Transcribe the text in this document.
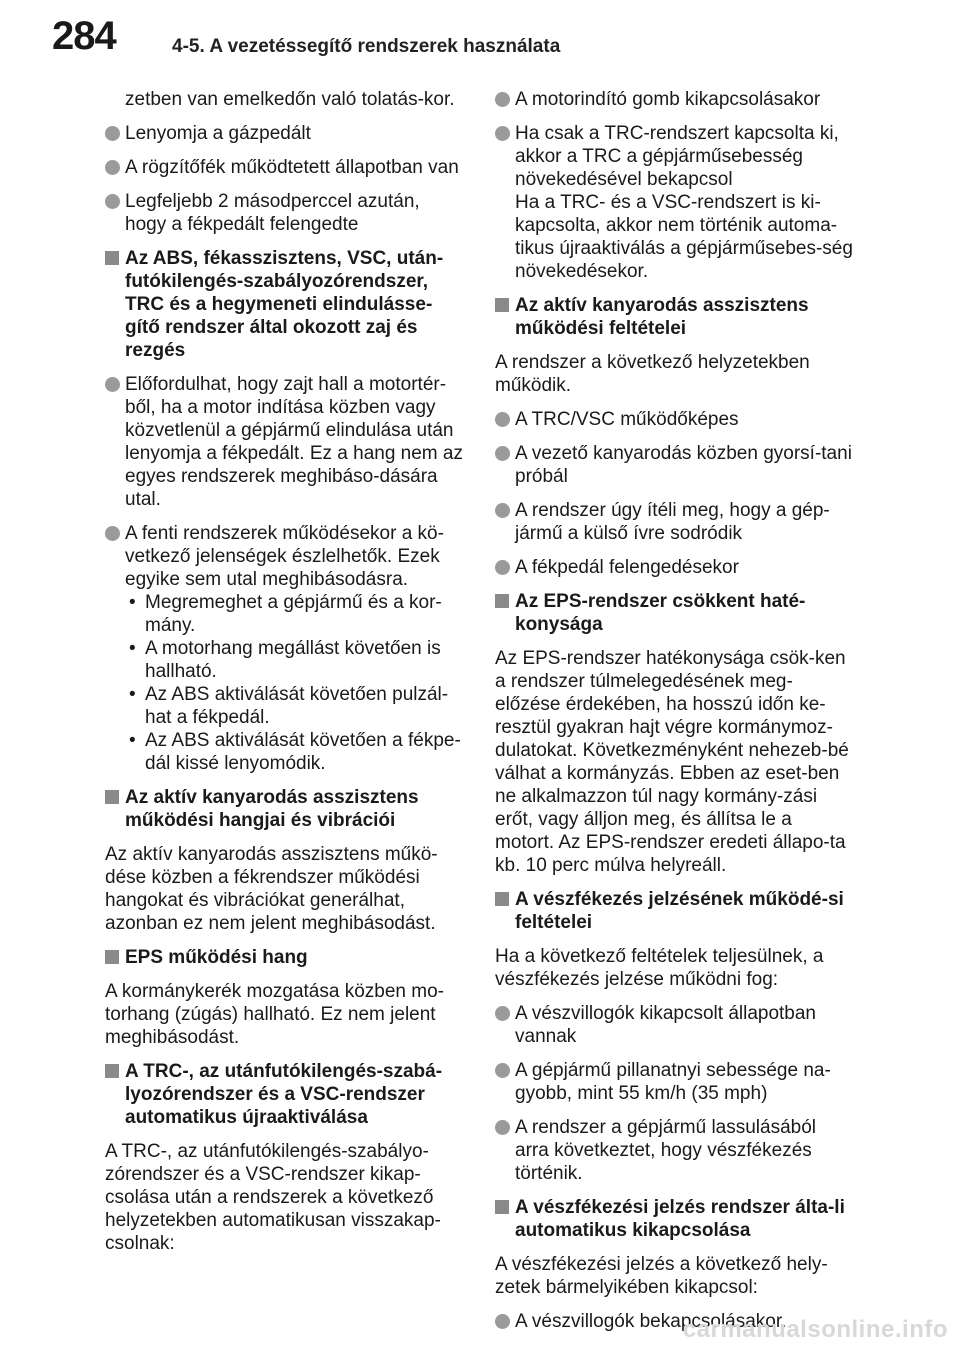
284	4-5. A vezetéssegítő rendszerek használata
zetben van emelkedőn való tolatás-kor.
Lenyomja a gázpedált
A rögzítőfék működtetett állapotban van
Legfeljebb 2 másodperccel azután, hogy a fékpedált felengedte
Az ABS, fékasszisztens, VSC, után-futókilengés-szabályozórendszer, TRC és a hegymeneti elindulásse-gítő rendszer által okozott zaj és rezgés
Előfordulhat, hogy zajt hall a motortér-ből, ha a motor indítása közben vagy közvetlenül a gépjármű elindulása után lenyomja a fékpedált. Ez a hang nem az egyes rendszerek meghibáso-dására utal.
A fenti rendszerek működésekor a kö-vetkező jelenségek észlelhetők. Ezek egyike sem utal meghibásodásra.
• Megremeghet a gépjármű és a kor-mány.
• A motorhang megállást követően is hallható.
• Az ABS aktiválását követően pulzál-hat a fékpedál.
• Az ABS aktiválását követően a fékpe-dál kissé lenyomódik.
Az aktív kanyarodás asszisztens működési hangjai és vibrációi
Az aktív kanyarodás asszisztens műkö-dése közben a fékrendszer működési hangokat és vibrációkat generálhat, azonban ez nem jelent meghibásodást.
EPS működési hang
A kormánykerék mozgatása közben mo-torhang (zúgás) hallható. Ez nem jelent meghibásodást.
A TRC-, az utánfutókilengés-szabá-lyozórendszer és a VSC-rendszer automatikus újraaktiválása
A TRC-, az utánfutókilengés-szabályo-zórendszer és a VSC-rendszer kikap-csolása után a rendszerek a következő helyzetekben automatikusan visszakap-csolnak:
A motorindító gomb kikapcsolásakor
Ha csak a TRC-rendszert kapcsolta ki, akkor a TRC a gépjárműsebesség növekedésével bekapcsol
Ha a TRC- és a VSC-rendszert is ki-kapcsolta, akkor nem történik automa-tikus újraaktiválás a gépjárműsebes-ség növekedésekor.
Az aktív kanyarodás asszisztens működési feltételei
A rendszer a következő helyzetekben működik.
A TRC/VSC működőképes
A vezető kanyarodás közben gyorsí-tani próbál
A rendszer úgy ítéli meg, hogy a gép-jármű a külső ívre sodródik
A fékpedál felengedésekor
Az EPS-rendszer csökkent haté-konysága
Az EPS-rendszer hatékonysága csök-ken a rendszer túlmelegedésének meg-előzése érdekében, ha hosszú időn ke-resztül gyakran hajt végre kormánymoz-dulatokat. Következményként nehezeb-bé válhat a kormányzás. Ebben az eset-ben ne alkalmazzon túl nagy kormány-zási erőt, vagy álljon meg, és állítsa le a motort. Az EPS-rendszer eredeti állapo-ta kb. 10 perc múlva helyreáll.
A vészfékezés jelzésének működé-si feltételei
Ha a következő feltételek teljesülnek, a vészfékezés jelzése működni fog:
A vészvillogók kikapcsolt állapotban vannak
A gépjármű pillanatnyi sebessége na-gyobb, mint 55 km/h (35 mph)
A rendszer a gépjármű lassulásából arra következtet, hogy vészfékezés történik.
A vészfékezési jelzés rendszer álta-li automatikus kikapcsolása
A vészfékezési jelzés a következő hely-zetek bármelyikében kikapcsol:
A vészvillogók bekapcsolásakor.
carmanualsonline.info
